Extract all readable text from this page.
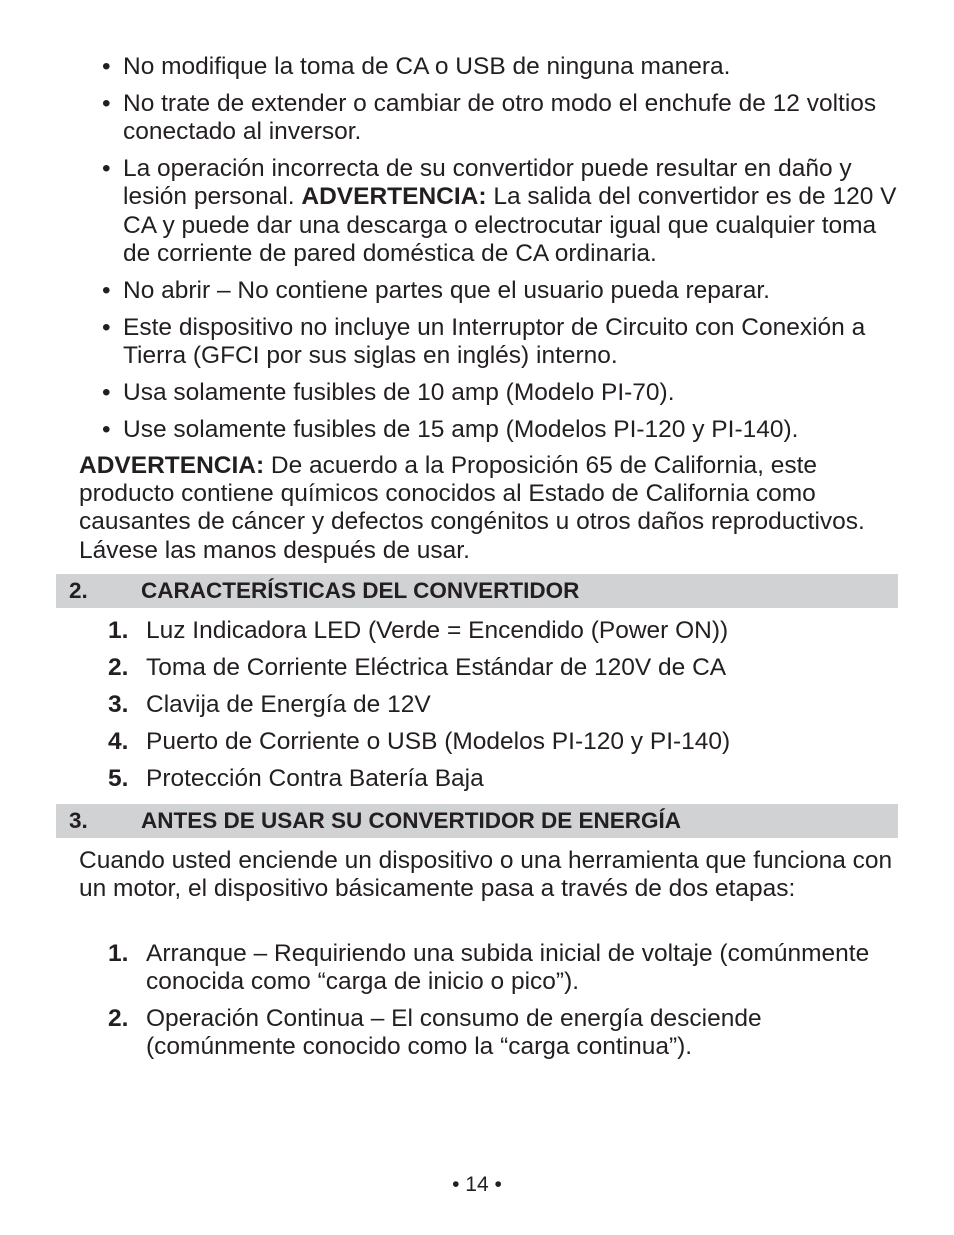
• No modifique la toma de CA o USB de ninguna manera.

• No trate de extender o cambiar de otro modo el enchufe de 12 voltios conectado al inversor.

• La operación incorrecta de su convertidor puede resultar en daño y lesión personal. ADVERTENCIA: La salida del convertidor es de 120 V CA y puede dar una descarga o electrocutar igual que cualquier toma de corriente de pared doméstica de CA ordinaria.

• No abrir – No contiene partes que el usuario pueda reparar.

• Este dispositivo no incluye un Interruptor de Circuito con Conexión a Tierra (GFCI por sus siglas en inglés) interno.

• Usa solamente fusibles de 10 amp (Modelo PI-70).

• Use solamente fusibles de 15 amp (Modelos PI-120 y PI-140).

ADVERTENCIA: De acuerdo a la Proposición 65 de California, este producto contiene químicos conocidos al Estado de California como causantes de cáncer y defectos congénitos u otros daños reproductivos. Lávese las manos después de usar.

2. CARACTERÍSTICAS DEL CONVERTIDOR

1. Luz Indicadora LED (Verde = Encendido (Power ON))

2. Toma de Corriente Eléctrica Estándar de 120V de CA

3. Clavija de Energía de 12V

4. Puerto de Corriente o USB (Modelos PI-120 y PI-140)

5. Protección Contra Batería Baja

3. ANTES DE USAR SU CONVERTIDOR DE ENERGÍA

Cuando usted enciende un dispositivo o una herramienta que funciona con un motor, el dispositivo básicamente pasa a través de dos etapas:

1. Arranque – Requiriendo una subida inicial de voltaje (comúnmente conocida como “carga de inicio o pico”).

2. Operación Continua – El consumo de energía desciende (comúnmente conocido como la “carga continua”).

• 14 •
